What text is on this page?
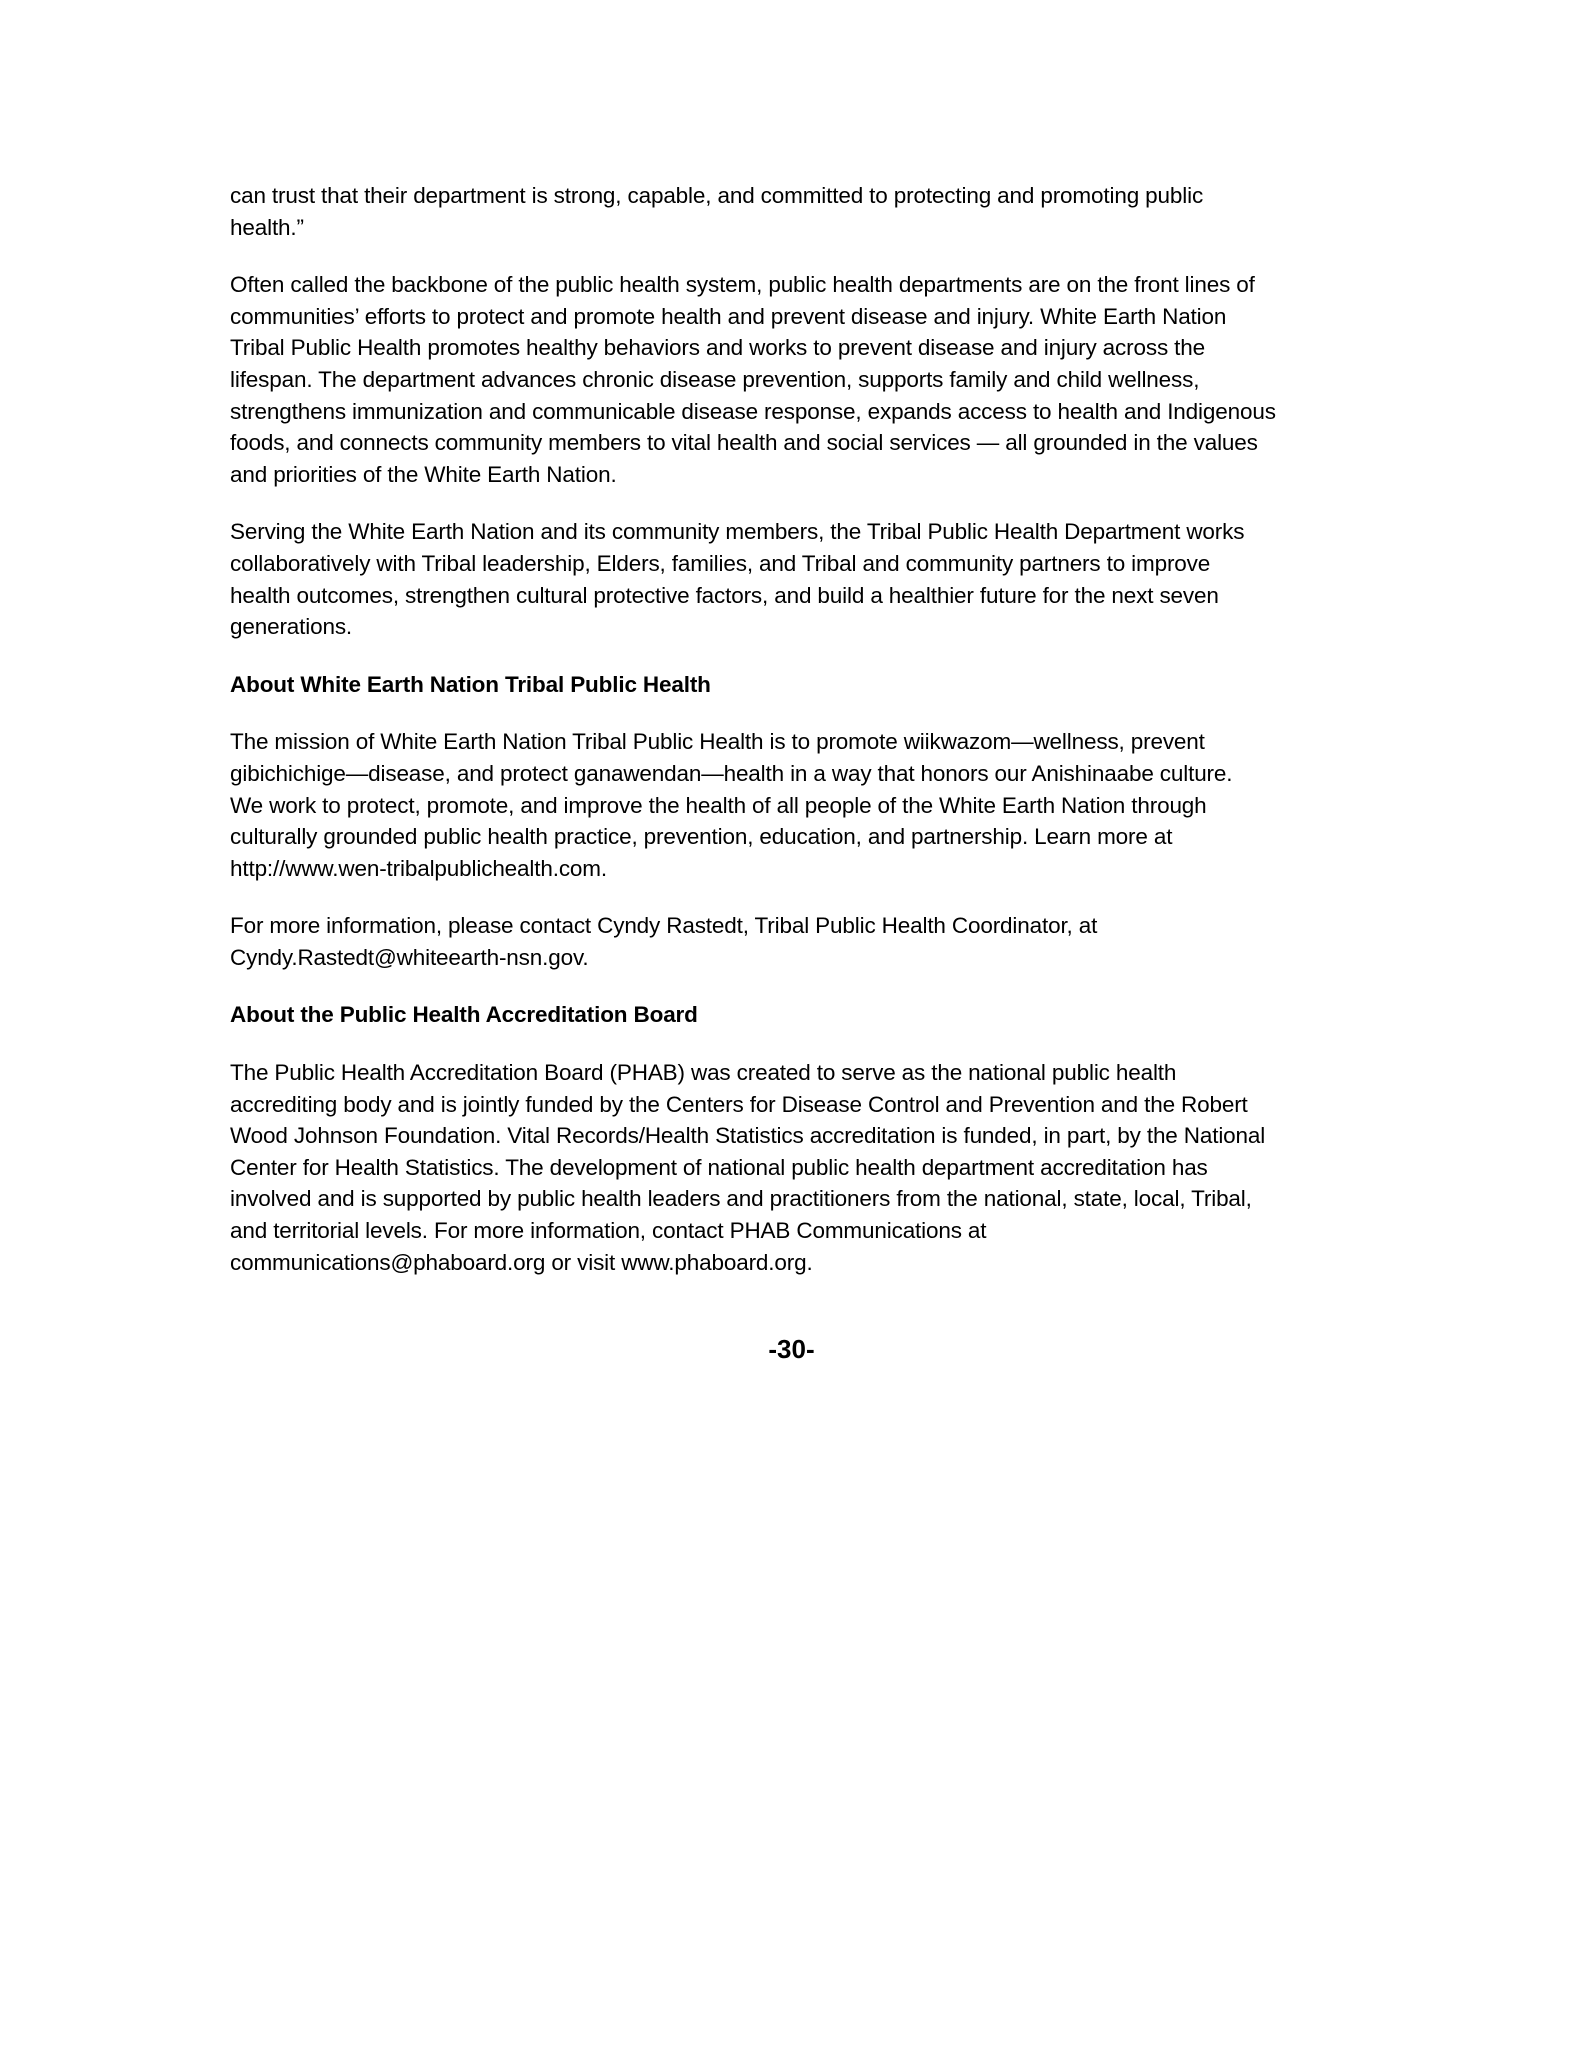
can trust that their department is strong, capable, and committed to protecting and promoting public
health.”

Often called the backbone of the public health system, public health departments are on the front lines of
communities’ efforts to protect and promote health and prevent disease and injury. White Earth Nation
Tribal Public Health promotes healthy behaviors and works to prevent disease and injury across the
lifespan. The department advances chronic disease prevention, supports family and child wellness,
strengthens immunization and communicable disease response, expands access to health and Indigenous
foods, and connects community members to vital health and social services — all grounded in the values
and priorities of the White Earth Nation.

Serving the White Earth Nation and its community members, the Tribal Public Health Department works
collaboratively with Tribal leadership, Elders, families, and Tribal and community partners to improve
health outcomes, strengthen cultural protective factors, and build a healthier future for the next seven
generations.

About White Earth Nation Tribal Public Health

The mission of White Earth Nation Tribal Public Health is to promote wiikwazom—wellness, prevent
gibichichige—disease, and protect ganawendan—health in a way that honors our Anishinaabe culture.
We work to protect, promote, and improve the health of all people of the White Earth Nation through
culturally grounded public health practice, prevention, education, and partnership. Learn more at
http://www.wen-tribalpublichealth.com.

For more information, please contact Cyndy Rastedt, Tribal Public Health Coordinator, at
Cyndy.Rastedt@whiteearth-nsn.gov.

About the Public Health Accreditation Board

The Public Health Accreditation Board (PHAB) was created to serve as the national public health
accrediting body and is jointly funded by the Centers for Disease Control and Prevention and the Robert
Wood Johnson Foundation. Vital Records/Health Statistics accreditation is funded, in part, by the National
Center for Health Statistics. The development of national public health department accreditation has
involved and is supported by public health leaders and practitioners from the national, state, local, Tribal,
and territorial levels. For more information, contact PHAB Communications at
communications@phaboard.org or visit www.phaboard.org.

-30-
